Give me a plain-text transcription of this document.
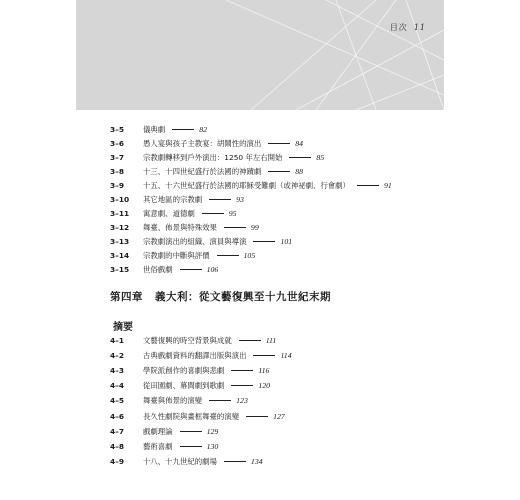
目次 11
第四章 義大利：從文藝復興至十九世紀末期
摘要
3–5	儀典劇	82
3–6	愚人宴與孩子主教宴：胡鬧性的演出	84
3–7	宗教劇轉移到戶外演出：1250 年左右開始	85
3–8	十三、十四世紀盛行於法國的神蹟劇	88
3–9	十五、十六世紀盛行於法國的耶穌受難劇（或神祕劇、行會劇）	91
3–10	其它地區的宗教劇	93
3–11	寓意劇、道德劇	95
3–12	舞臺、佈景與特殊效果	99
3–13	宗教劇演出的組織、演員與導演	101
3–14	宗教劇的中斷與評價	105
3–15	世俗戲劇	106
4–1	文藝復興的時空背景與成就	111
4–2	古典戲劇資料的翻譯出版與演出	114
4–3	學院派創作的喜劇與悲劇	116
4–4	從田園劇、幕間劇到歌劇	120
4–5	舞臺與佈景的演變	123
4–6	長久性劇院與畫框舞臺的演變	127
4–7	戲劇理論	129
4–8	藝術喜劇	130
4–9	十八、十九世紀的劇場	134
